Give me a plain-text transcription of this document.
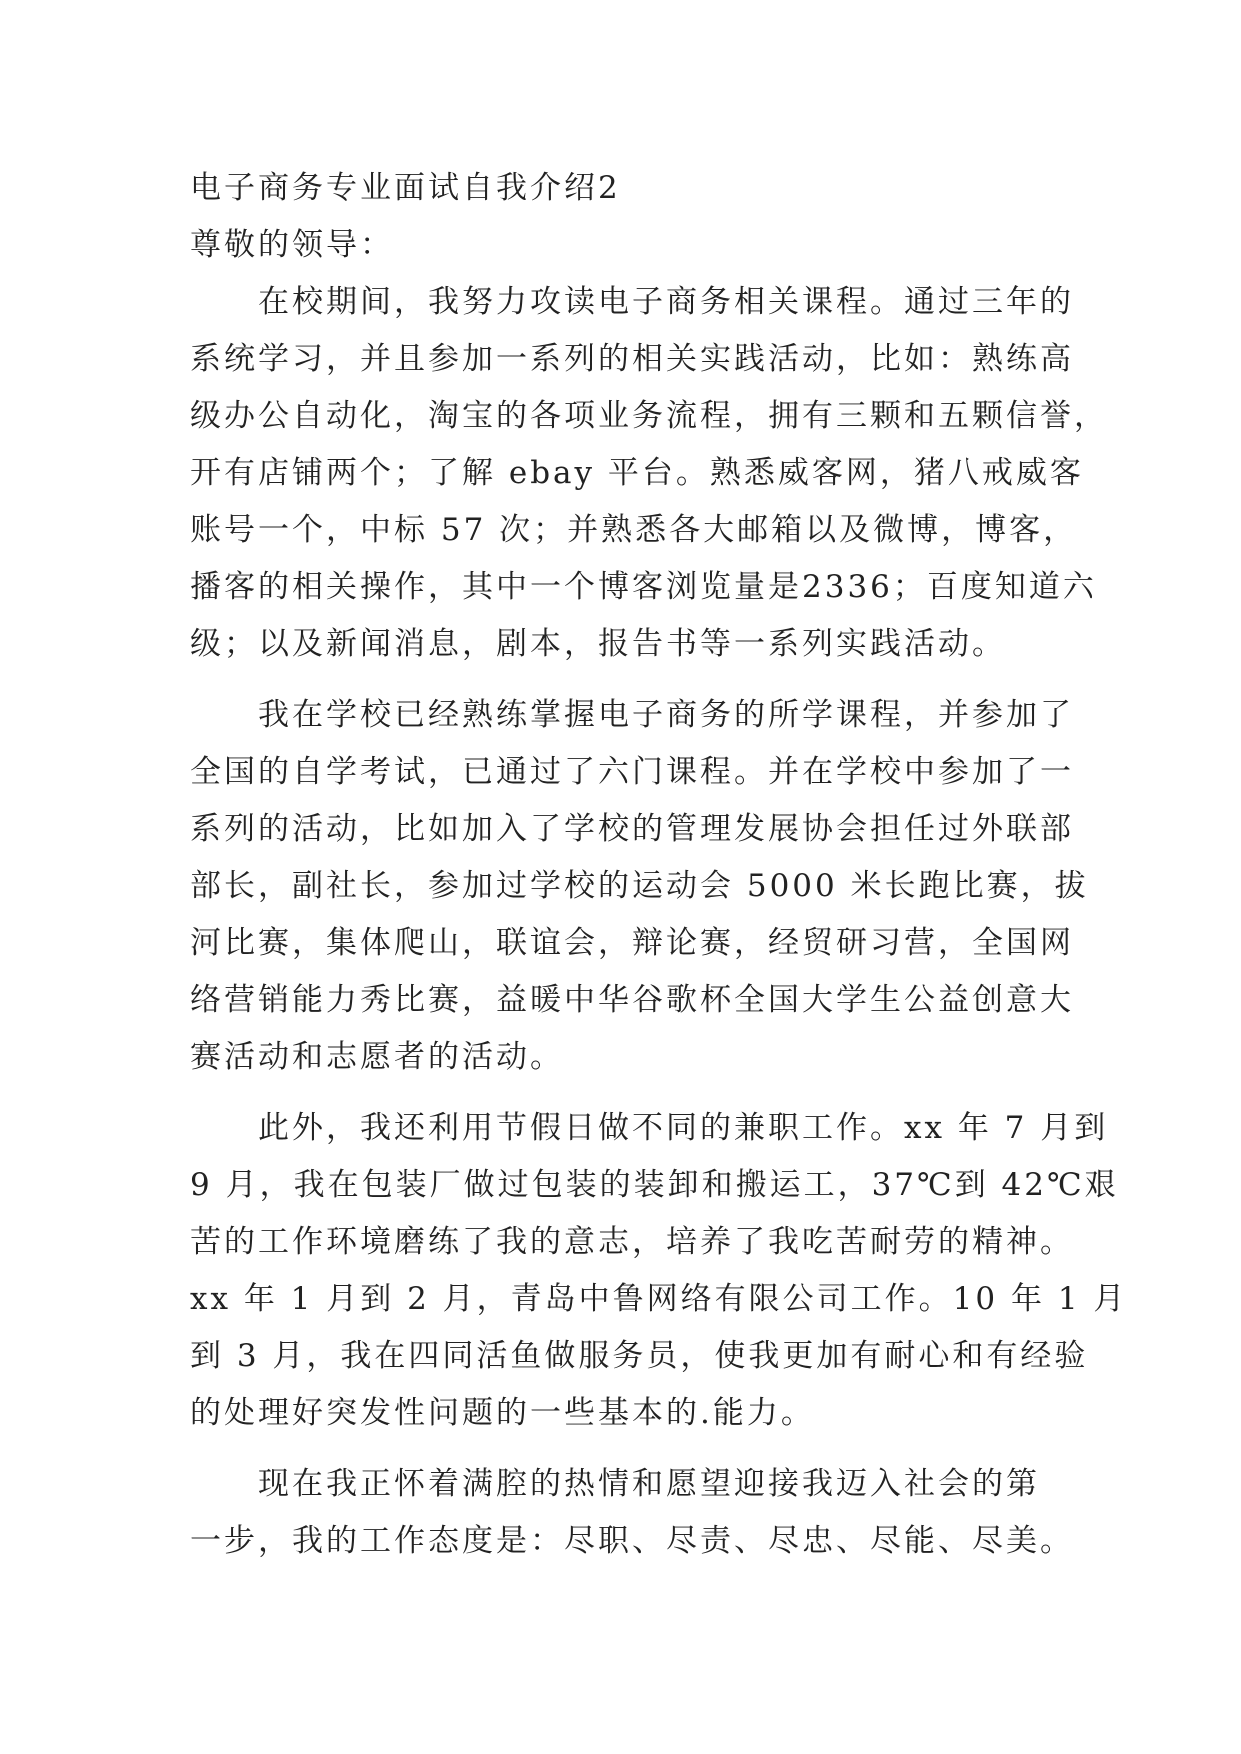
电子商务专业面试自我介绍2
尊敬的领导：
　　在校期间，我努力攻读电子商务相关课程。通过三年的
系统学习，并且参加一系列的相关实践活动，比如：熟练高
级办公自动化，淘宝的各项业务流程，拥有三颗和五颗信誉，
开有店铺两个；了解 ebay 平台。熟悉威客网，猪八戒威客
账号一个，中标 57 次；并熟悉各大邮箱以及微博，博客，
播客的相关操作，其中一个博客浏览量是2336；百度知道六
级；以及新闻消息，剧本，报告书等一系列实践活动。
　　我在学校已经熟练掌握电子商务的所学课程，并参加了
全国的自学考试，已通过了六门课程。并在学校中参加了一
系列的活动，比如加入了学校的管理发展协会担任过外联部
部长，副社长，参加过学校的运动会 5000 米长跑比赛，拔
河比赛，集体爬山，联谊会，辩论赛，经贸研习营，全国网
络营销能力秀比赛，益暖中华谷歌杯全国大学生公益创意大
赛活动和志愿者的活动。
　　此外，我还利用节假日做不同的兼职工作。xx 年 7 月到
9 月，我在包装厂做过包装的装卸和搬运工，37℃到 42℃艰
苦的工作环境磨练了我的意志，培养了我吃苦耐劳的精神。
xx 年 1 月到 2 月，青岛中鲁网络有限公司工作。10 年 1 月
到 3 月，我在四同活鱼做服务员，使我更加有耐心和有经验
的处理好突发性问题的一些基本的.能力。
　　现在我正怀着满腔的热情和愿望迎接我迈入社会的第
一步，我的工作态度是：尽职、尽责、尽忠、尽能、尽美。
